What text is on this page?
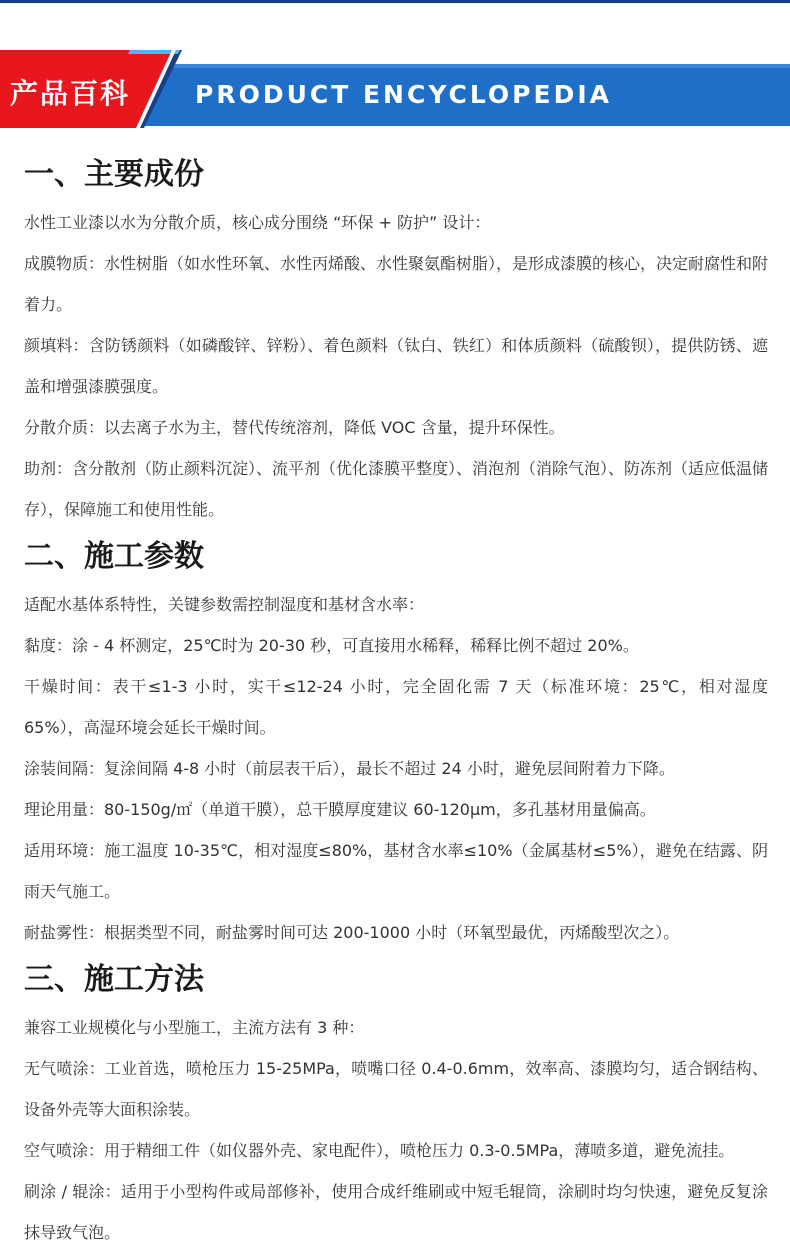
产品百科	PRODUCT ENCYCLOPEDIA
一、主要成份

水性工业漆以水为分散介质，核心成分围绕 “环保 + 防护” 设计：

成膜物质：水性树脂（如水性环氧、水性丙烯酸、水性聚氨酯树脂），是形成漆膜的核心，决定耐腐性和附着力。

颜填料：含防锈颜料（如磷酸锌、锌粉）、着色颜料（钛白、铁红）和体质颜料（硫酸钡），提供防锈、遮盖和增强漆膜强度。

分散介质：以去离子水为主，替代传统溶剂，降低 VOC 含量，提升环保性。

助剂：含分散剂（防止颜料沉淀）、流平剂（优化漆膜平整度）、消泡剂（消除气泡）、防冻剂（适应低温储存），保障施工和使用性能。

二、施工参数

适配水基体系特性，关键参数需控制湿度和基材含水率：

黏度：涂 - 4 杯测定，25℃时为 20-30 秒，可直接用水稀释，稀释比例不超过 20%。

干燥时间：表干≤1-3 小时，实干≤12-24 小时，完全固化需 7 天（标准环境：25℃，相对湿度 65%），高湿环境会延长干燥时间。

涂装间隔：复涂间隔 4-8 小时（前层表干后），最长不超过 24 小时，避免层间附着力下降。

理论用量：80-150g/㎡（单道干膜），总干膜厚度建议 60-120μm，多孔基材用量偏高。

适用环境：施工温度 10-35℃，相对湿度≤80%，基材含水率≤10%（金属基材≤5%），避免在结露、阴雨天气施工。

耐盐雾性：根据类型不同，耐盐雾时间可达 200-1000 小时（环氧型最优，丙烯酸型次之）。

三、施工方法

兼容工业规模化与小型施工，主流方法有 3 种：

无气喷涂：工业首选，喷枪压力 15-25MPa，喷嘴口径 0.4-0.6mm，效率高、漆膜均匀，适合钢结构、设备外壳等大面积涂装。

空气喷涂：用于精细工件（如仪器外壳、家电配件），喷枪压力 0.3-0.5MPa，薄喷多道，避免流挂。

刷涂 / 辊涂：适用于小型构件或局部修补，使用合成纤维刷或中短毛辊筒，涂刷时均匀快速，避免反复涂抹导致气泡。
